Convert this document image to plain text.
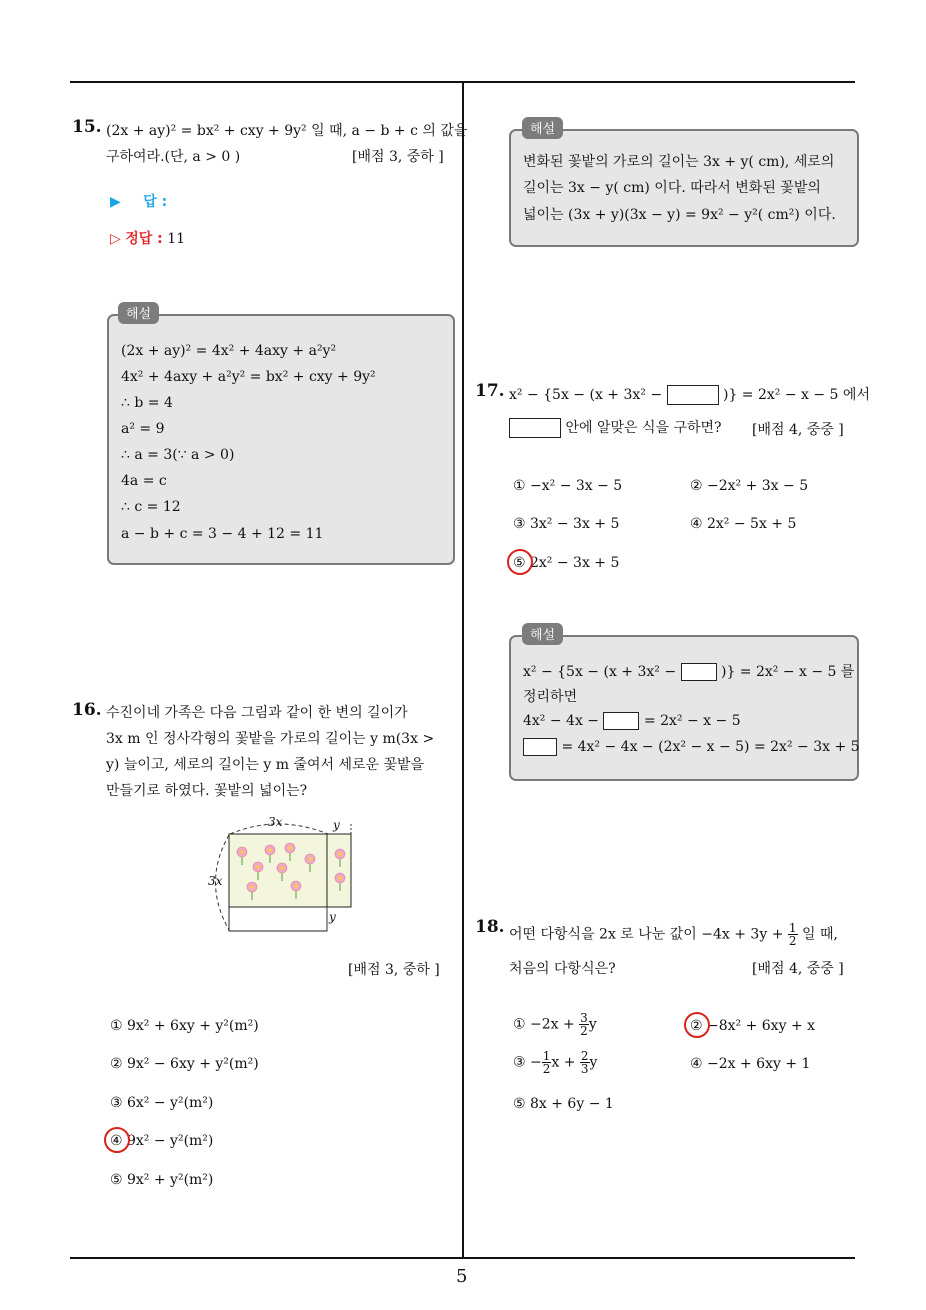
5
15. (2x + ay)² = bx² + cxy + 9y² 일 때, a − b + c 의 값을
구하여라.(단, a > 0 )	[배점 3, 중하 ]
▶ 답 :
▷ 정답 : 11
해설
(2x + ay)² = 4x² + 4axy + a²y²
4x² + 4axy + a²y² = bx² + cxy + 9y²
∴ b = 4
a² = 9
∴ a = 3(∵ a > 0)
4a = c
∴ c = 12
a − b + c = 3 − 4 + 12 = 11
16. 수진이네 가족은 다음 그림과 같이 한 변의 길이가
3x m 인 정사각형의 꽃밭을 가로의 길이는 y m(3x >
y) 늘이고, 세로의 길이는 y m 줄여서 세로운 꽃밭을
만들기로 하였다. 꽃밭의 넓이는?
3x	y
3x
y
[배점 3, 중하 ]
① 9x² + 6xy + y²(m²)
② 9x² − 6xy + y²(m²)
③ 6x² − y²(m²)
④ 9x² − y²(m²)
⑤ 9x² + y²(m²)
해설
변화된 꽃밭의 가로의 길이는 3x + y( cm), 세로의
길이는 3x − y( cm) 이다. 따라서 변화된 꽃밭의
넓이는 (3x + y)(3x − y) = 9x² − y²( cm²) 이다.
17. x² − {5x − (x + 3x² −	)} = 2x² − x − 5 에서
안에 알맞은 식을 구하면? [배점 4, 중중 ]
① −x² − 3x − 5	② −2x² + 3x − 5
③ 3x² − 3x + 5	④ 2x² − 5x + 5
⑤ 2x² − 3x + 5
해설
x² − {5x − (x + 3x² −	)} = 2x² − x − 5 를
정리하면
4x² − 4x −	= 2x² − x − 5
= 4x² − 4x − (2x² − x − 5) = 2x² − 3x + 5
18. 어떤 다항식을 2x 로 나눈 값이 $-4x + 3y + \frac{1}{2}$ 일 때,
처음의 다항식은?	[배점 4, 중중 ]
① $-2x + \frac{3}{2}$ y	② −8x² + 6xy + x
③ − $\frac{1}{2}$ $x + \frac{2}{3}$ y	④ −2x + 6xy + 1
⑤ 8x + 6y − 1
